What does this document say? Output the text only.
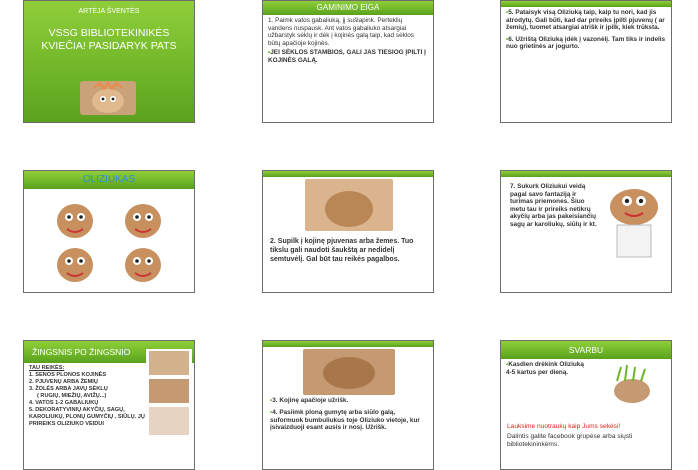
ARTĖJA ŠVENTĖS
VSSG BIBLIOTEKINIKĖS KVIEČIA! PASIDARYK PATS
GAMINIMO EIGA
1. Paimk vatos gabaliuką, jį sušlapink. Perteklių vandens nuspausk. Ant vatos gabaliuko atsargiai užbarstyk sėklų ir dėk į kojinės galą taip, kad sėklos būtų apačioje kojinės.
•JEI SĖKLOS STAMBIOS, GALI JAS TIESIOG ĮPILTI Į KOJINĖS GALĄ.
•5. Pataisyk visą Oliziuką taip, kaip tu nori, kad jis atrodytų. Gali būti, kad dar prireiks įpilti pjuvenų ( ar žemių), tuomet atsargiai atrišk ir įpilk, kiek trūksta.
•6. Užrištą Oliziuką įdėk į vazonėlį. Tam tiks ir indelis nuo grietinės ar jogurto.
OLIZIUKAS
2. Supilk į kojinę pjuvenas arba žemes. Tuo tikslu gali naudoti šaukštą ar nedidelį semtuvėlį. Gal būt tau reikės pagalbos.
7. Sukurk Oliziukui veidą pagal savo fantaziją ir turimas priemones. Šiuo metu tau ir prireiks netikrų akyčių arba jas pakeisiančių sagų ar karoliukų, siūlų ir kt.
ŽINGSNIS PO ŽINGSNIO
TAU REIKĖS:
1. SENOS PLONOS KOJINĖS
2. PJUVENŲ ARBA ŽEMIŲ
3. ŽOLĖS ARBA JAVŲ SĖKLŲ
( RUGIŲ, MIEŽIŲ, AVIŽŲ...)
4. VATOS 1-2 GABALIUKŲ
5. DEKORATYVINIŲ AKYČIŲ, SAGŲ, KAROLIUKŲ, PLONŲ GUMYČIŲ , SIŪLŲ. JŲ PRIREIKS OLIZIUKO VEIDUI
•3. Kojinę apačioje užrišk.
•4. Pasiimk ploną gumytę arba siūlo galą, suformuok bumbuliukus toje Oliziuko vietoje, kur įsivaizduoji esant ausis ir nosį. Užrišk.
SVARBU
•Kasdien drėkink Oliziuką 4-5 kartus per dieną.
Lauksime nuotraukų kaip Jums sekėsi!
Dalintis galite facebook grupėse arba siųsti bibliotekininkėms.
